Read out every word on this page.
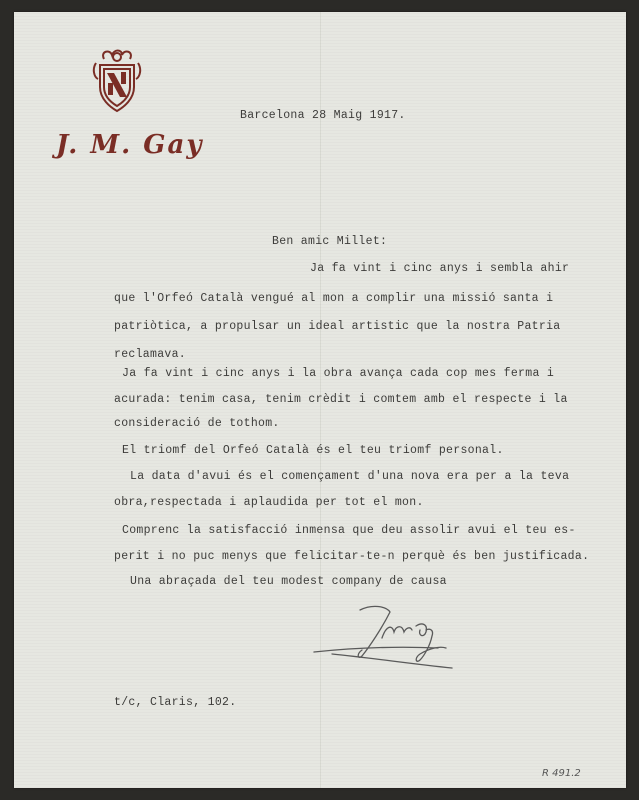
J. M. Gay
Barcelona 28 Maig 1917.
Ben amic Millet:
Ja fa vint i cinc anys i sembla ahir
que l'Orfeó Català vengué al mon a complir una missió santa i
patriòtica, a propulsar un ideal artistic que la nostra Patria
reclamava.
Ja fa vint i cinc anys i la obra avança cada cop mes ferma i
acurada: tenim casa, tenim crèdit i comtem amb el respecte i la
consideració de tothom.
El triomf del Orfeó Català és el teu triomf personal.
La data d'avui és el començament d'una nova era per a la teva
obra,respectada i aplaudida per tot el mon.
Comprenc la satisfacció inmensa que deu assolir avui el teu es-
perit i no puc menys que felicitar-te-n perquè és ben justificada.
Una abraçada del teu modest company de causa
t/c, Claris, 102.
R 491.2
